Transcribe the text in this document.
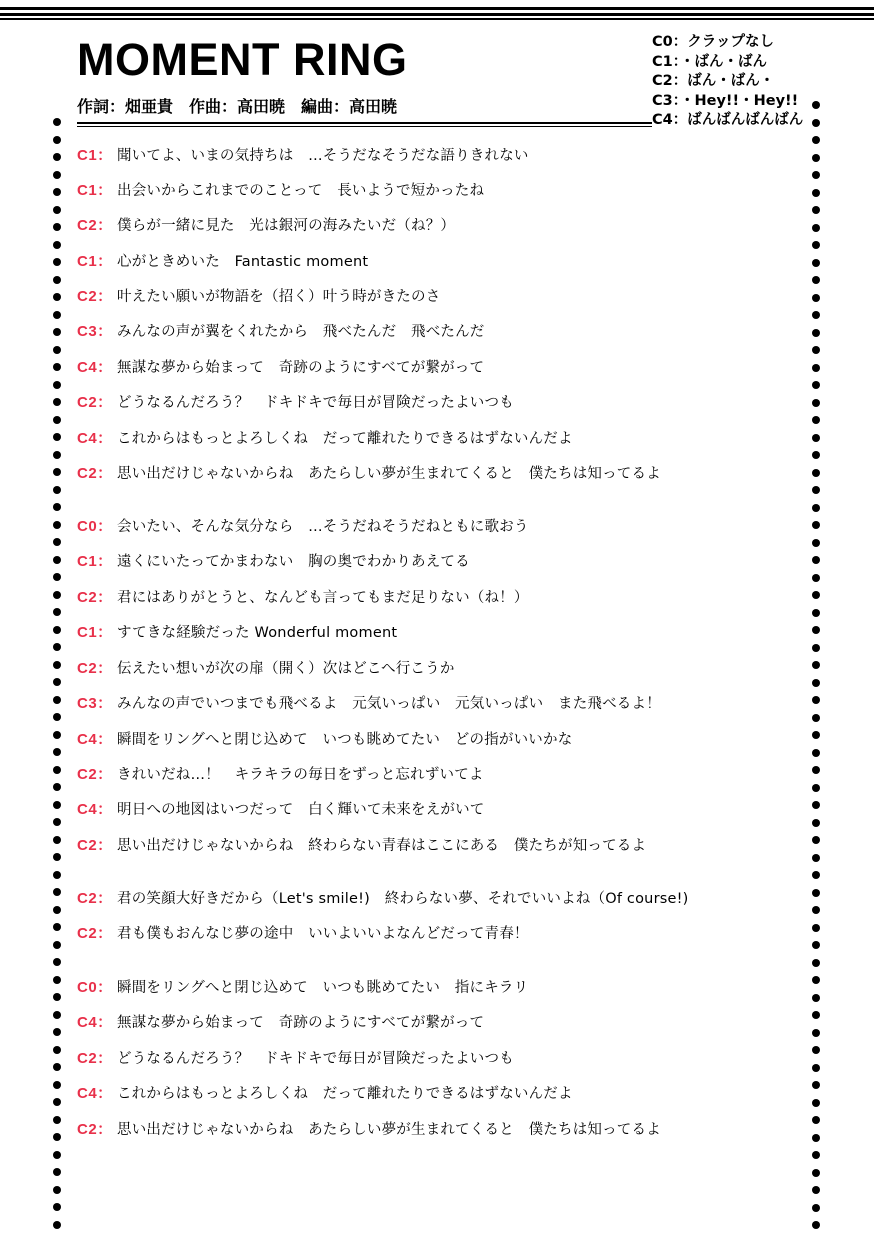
MOMENT RING
作詞：畑亜貴　作曲：高田暁　編曲：高田暁
C0：クラップなし
C1：・ばん・ばん
C2：ばん・ばん・
C3：・Hey!!・Hey!!
C4：ばんばんばんばん
C1： 聞いてよ、いまの気持ちは　…そうだなそうだな語りきれない
C1： 出会いからこれまでのことって　長いようで短かったね
C2： 僕らが一緒に見た　光は銀河の海みたいだ（ね？）
C1： 心がときめいた　Fantastic moment
C2： 叶えたい願いが物語を（招く）叶う時がきたのさ
C3： みんなの声が翼をくれたから　飛べたんだ　飛べたんだ
C4： 無謀な夢から始まって　奇跡のようにすべてが繋がって
C2： どうなるんだろう？　ドキドキで毎日が冒険だったよいつも
C4： これからはもっとよろしくね　だって離れたりできるはずないんだよ
C2： 思い出だけじゃないからね　あたらしい夢が生まれてくると　僕たちは知ってるよ
C0： 会いたい、そんな気分なら　…そうだねそうだねともに歌おう
C1： 遠くにいたってかまわない　胸の奥でわかりあえてる
C2： 君にはありがとうと、なんども言ってもまだ足りない（ね！）
C1： すてきな経験だった Wonderful moment
C2： 伝えたい想いが次の扉（開く）次はどこへ行こうか
C3： みんなの声でいつまでも飛べるよ　元気いっぱい　元気いっぱい　また飛べるよ！
C4： 瞬間をリングへと閉じ込めて　いつも眺めてたい　どの指がいいかな
C2： きれいだね…！　キラキラの毎日をずっと忘れずいてよ
C4： 明日への地図はいつだって　白く輝いて未来をえがいて
C2： 思い出だけじゃないからね　終わらない青春はここにある　僕たちが知ってるよ
C2： 君の笑顔大好きだから（Let's smile!)　終わらない夢、それでいいよね（Of course!)
C2： 君も僕もおんなじ夢の途中　いいよいいよなんどだって青春！
C0： 瞬間をリングへと閉じ込めて　いつも眺めてたい　指にキラリ
C4： 無謀な夢から始まって　奇跡のようにすべてが繋がって
C2： どうなるんだろう？　ドキドキで毎日が冒険だったよいつも
C4： これからはもっとよろしくね　だって離れたりできるはずないんだよ
C2： 思い出だけじゃないからね　あたらしい夢が生まれてくると　僕たちは知ってるよ
